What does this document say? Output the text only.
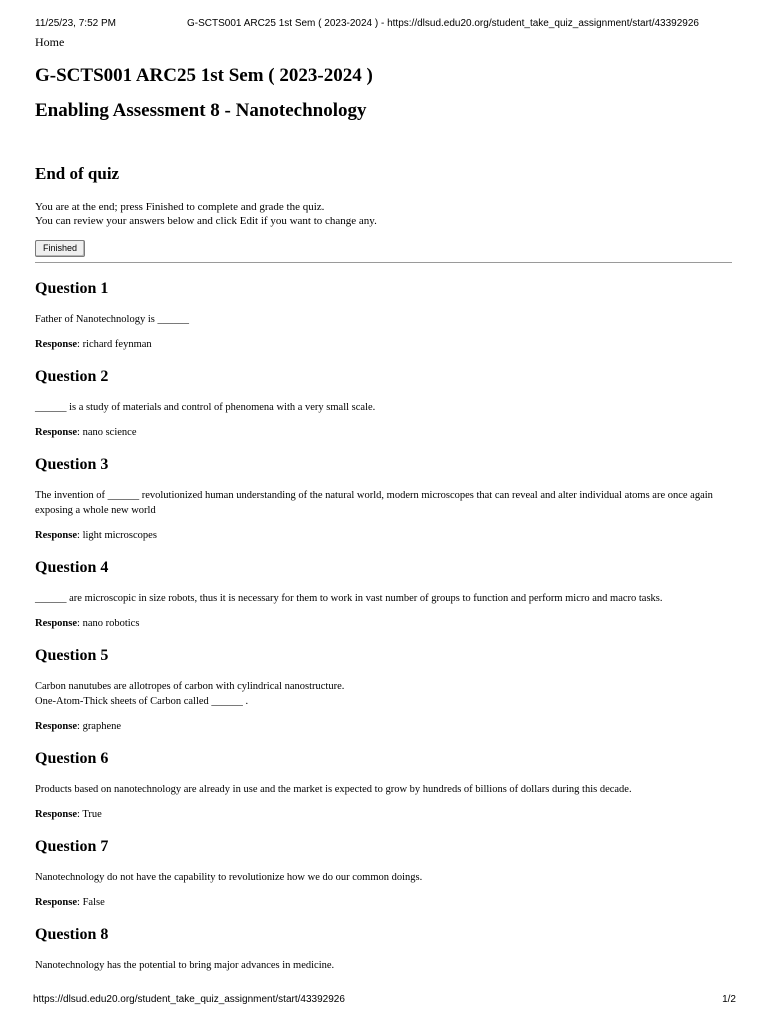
11/25/23, 7:52 PM	G-SCTS001 ARC25 1st Sem ( 2023-2024 ) - https://dlsud.edu20.org/student_take_quiz_assignment/start/43392926
Home
G-SCTS001 ARC25 1st Sem ( 2023-2024 )
Enabling Assessment 8 - Nanotechnology
End of quiz
You are at the end; press Finished to complete and grade the quiz.
You can review your answers below and click Edit if you want to change any.
Finished
Question 1
Father of Nanotechnology is ______
Response: richard feynman
Question 2
______ is a study of materials and control of phenomena with a very small scale.
Response: nano science
Question 3
The invention of ______ revolutionized human understanding of the natural world, modern microscopes that can reveal and alter individual atoms are once again exposing a whole new world
Response: light microscopes
Question 4
______ are microscopic in size robots, thus it is necessary for them to work in vast number of groups to function and perform micro and macro tasks.
Response: nano robotics
Question 5
Carbon nanutubes are allotropes of carbon with cylindrical nanostructure.
One-Atom-Thick sheets of Carbon called ______ .
Response: graphene
Question 6
Products based on nanotechnology are already in use and the market is expected to grow by hundreds of billions of dollars during this decade.
Response: True
Question 7
Nanotechnology do not have the capability to revolutionize how we do our common doings.
Response: False
Question 8
Nanotechnology has the potential to bring major advances in medicine.
https://dlsud.edu20.org/student_take_quiz_assignment/start/43392926	1/2
